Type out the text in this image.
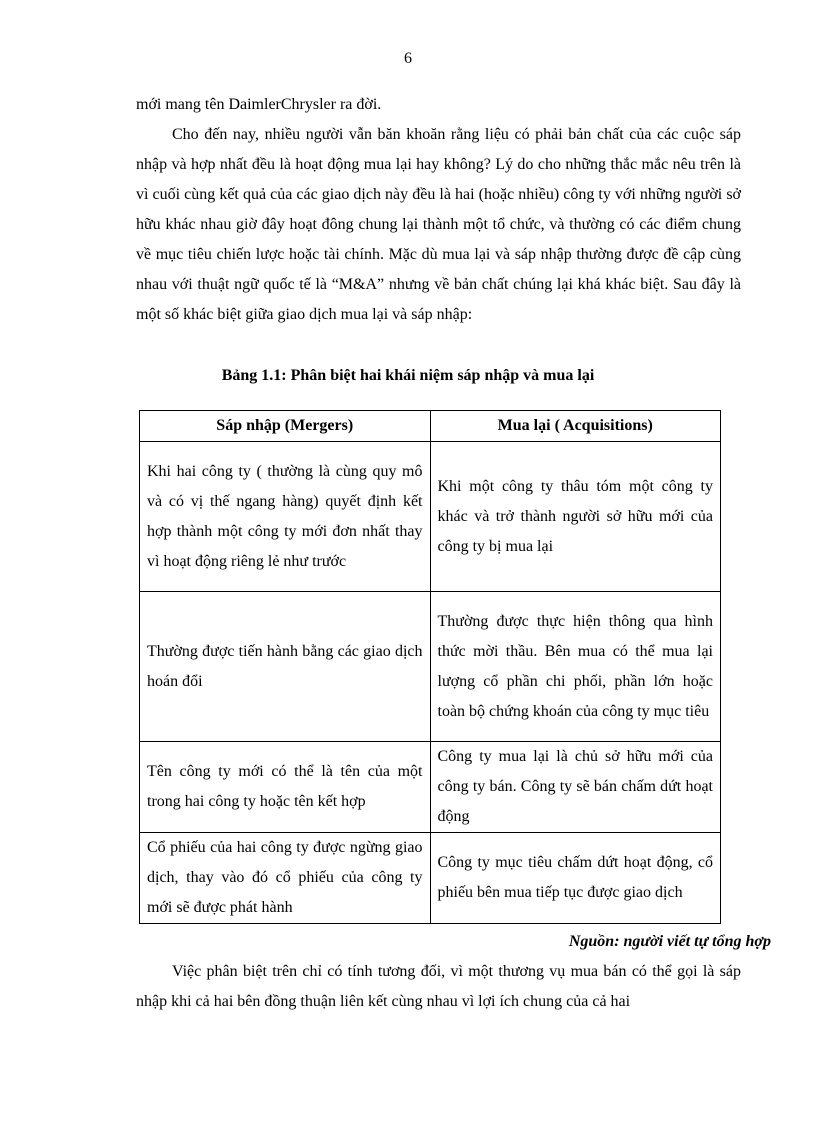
6

mới mang tên DaimlerChrysler ra đời.

Cho đến nay, nhiều người vẫn băn khoăn rằng liệu có phải bản chất của các cuộc sáp nhập và hợp nhất đều là hoạt động mua lại hay không? Lý do cho những thắc mắc nêu trên là vì cuối cùng kết quả của các giao dịch này đều là hai (hoặc nhiều) công ty với những người sở hữu khác nhau giờ đây hoạt đông chung lại thành một tổ chức, và thường có các điểm chung về mục tiêu chiến lược hoặc tài chính. Mặc dù mua lại và sáp nhập thường được đề cập cùng nhau với thuật ngữ quốc tế là “M&A” nhưng về bản chất chúng lại khá khác biệt. Sau đây là một số khác biệt giữa giao dịch mua lại và sáp nhập:

Bảng 1.1: Phân biệt hai khái niệm sáp nhập và mua lại

Sáp nhập (Mergers)	Mua lại ( Acquisitions)
Khi hai công ty ( thường là cùng quy mô và có vị thế ngang hàng) quyết định kết hợp thành một công ty mới đơn nhất thay vì hoạt động riêng lẻ như trước	Khi một công ty thâu tóm một công ty khác và trở thành người sở hữu mới của công ty bị mua lại
Thường được tiến hành bằng các giao dịch hoán đổi	Thường được thực hiện thông qua hình thức mời thầu. Bên mua có thể mua lại lượng cổ phần chi phối, phần lớn hoặc toàn bộ chứng khoán của công ty mục tiêu
Tên công ty mới có thể là tên của một trong hai công ty hoặc tên kết hợp	Công ty mua lại là chủ sở hữu mới của công ty bán. Công ty sẽ bán chấm dứt hoạt động
Cổ phiếu của hai công ty được ngừng giao dịch, thay vào đó cổ phiếu của công ty mới sẽ được phát hành	Công ty mục tiêu chấm dứt hoạt động, cổ phiếu bên mua tiếp tục được giao dịch

Nguồn: người viết tự tổng hợp

Việc phân biệt trên chỉ có tính tương đối, vì một thương vụ mua bán có thể gọi là sáp nhập khi cả hai bên đồng thuận liên kết cùng nhau vì lợi ích chung của cả hai
